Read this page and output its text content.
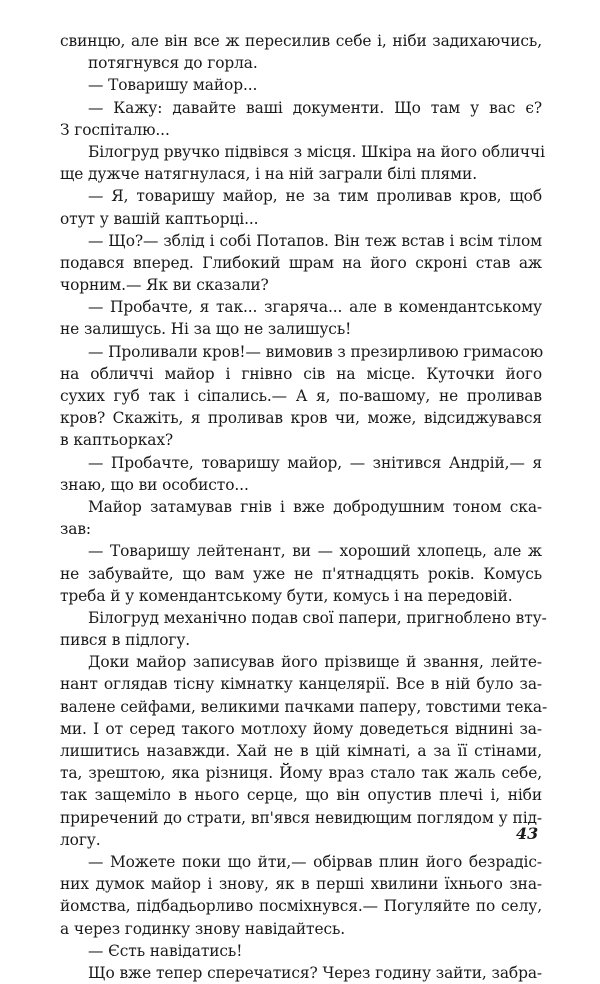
свинцю, але він все ж пересилив себе і, ніби задихаючись,
потягнувся до горла.
— Товаришу майор...
— Кажу: давайте ваші документи. Що там у вас є?
З госпіталю...
Білогруд рвучко підвівся з місця. Шкіра на його обличчі
ще дужче натягнулася, і на ній заграли білі плями.
— Я, товаришу майор, не за тим проливав кров, щоб
отут у вашій каптьорці...
— Що?— зблід і собі Потапов. Він теж встав і всім тілом
подався вперед. Глибокий шрам на його скроні став аж
чорним.— Як ви сказали?
— Пробачте, я так... згаряча... але в комендантському
не залишусь. Ні за що не залишусь!
— Проливали кров!— вимовив з презирливою гримасою
на обличчі майор і гнівно сів на місце. Куточки його
сухих губ так і сіпались.— А я, по-вашому, не проливав
кров? Скажіть, я проливав кров чи, може, відсиджувався
в каптьорках?
— Пробачте, товаришу майор, — знітився Андрій,— я
знаю, що ви особисто...
Майор затамував гнів і вже добродушним тоном ска-
зав:
— Товаришу лейтенант, ви — хороший хлопець, але ж
не забувайте, що вам уже не п'ятнадцять років. Комусь
треба й у комендантському бути, комусь і на передовій.
Білогруд механічно подав свої папери, пригноблено вту-
пився в підлогу.
Доки майор записував його прізвище й звання, лейте-
нант оглядав тісну кімнатку канцелярії. Все в ній було за-
валене сейфами, великими пачками паперу, товстими тека-
ми. І от серед такого мотлоху йому доведеться віднині за-
лишитись назавжди. Хай не в цій кімнаті, а за її стінами,
та, зрештою, яка різниця. Йому враз стало так жаль себе,
так защеміло в нього серце, що він опустив плечі і, ніби
приречений до страти, вп'явся невидющим поглядом у під-
логу.
— Можете поки що йти,— обірвав плин його безрадіс-
них думок майор і знову, як в перші хвилини їхнього зна-
йомства, підбадьорливо посміхнувся.— Погуляйте по селу,
а через годинку знову навідайтесь.
— Єсть навідатись!
Що вже тепер сперечатися? Через годину зайти, забра-
43
